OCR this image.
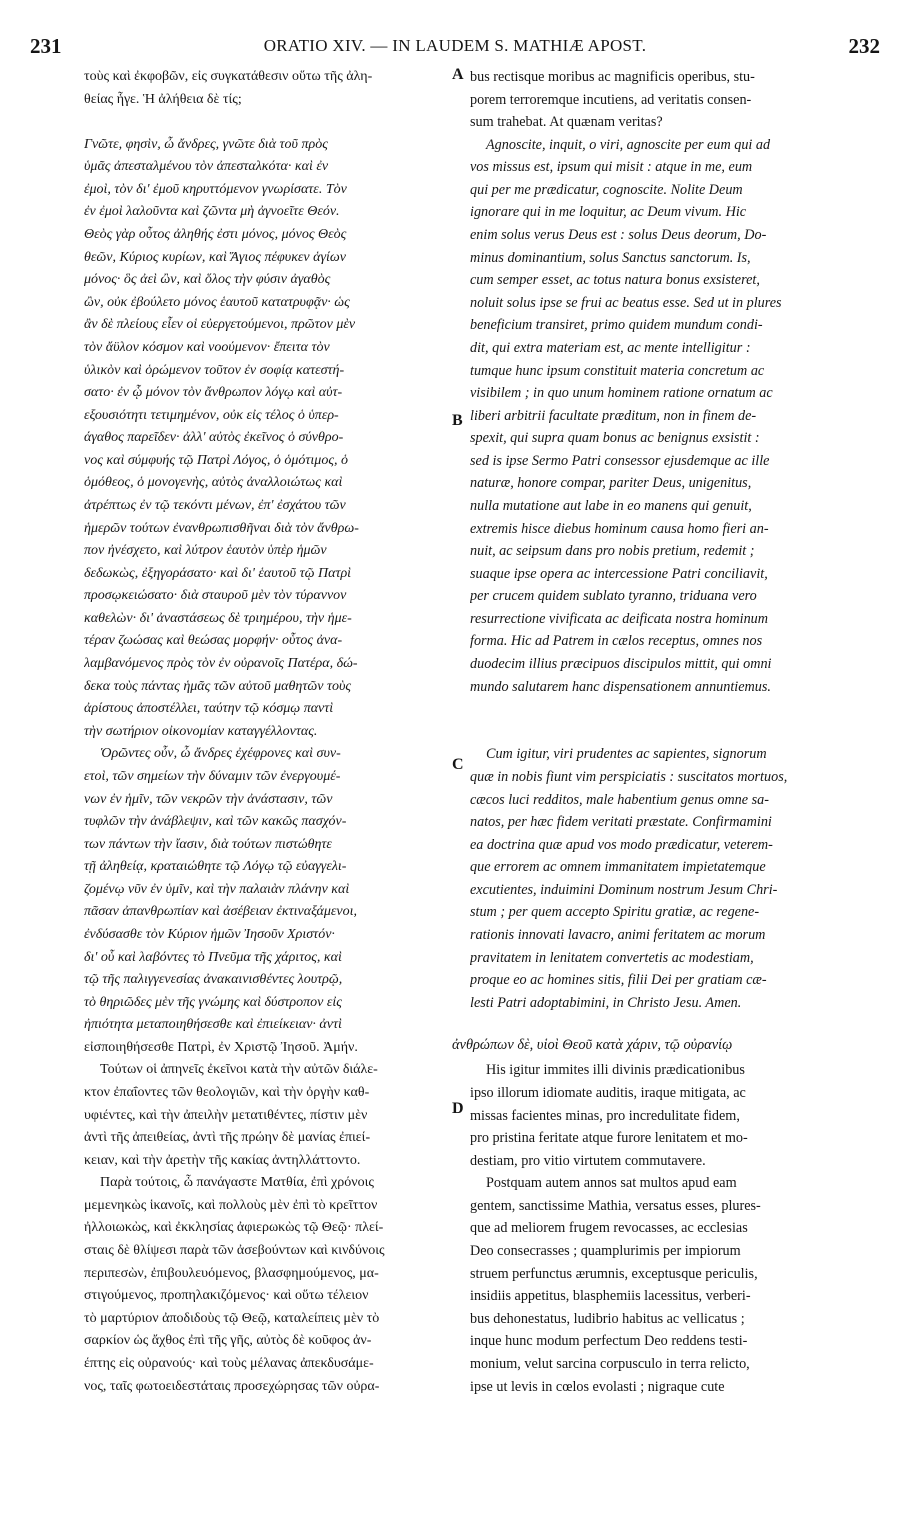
231	ORATIO XIV. — IN LAUDEM S. MATHIÆ APOST.	232
A
B
C
D
τοὺς καὶ ἐκφοβῶν, εἰς συγκατάθεσιν οὕτω τῆς ἀλη-
θείας ἦγε. Ἡ ἀλήθεια δὲ τίς;
Γνῶτε, φησὶν, ὦ ἄνδρες, γνῶτε διὰ τοῦ πρὸς
ὑμᾶς ἀπεσταλμένου τὸν ἀπεσταλκότα· καὶ ἐν
ἐμοὶ, τὸν δι' ἐμοῦ κηρυττόμενον γνωρίσατε. Τὸν
ἐν ἐμοὶ λαλοῦντα καὶ ζῶντα μὴ ἀγνοεῖτε Θεόν.
Θεὸς γὰρ οὗτος ἀληθής ἐστι μόνος, μόνος Θεὸς
θεῶν, Κύριος κυρίων, καὶ Ἅγιος πέφυκεν ἁγίων
μόνος· ὃς ἀεὶ ὢν, καὶ ὅλος τὴν φύσιν ἀγαθὸς
ὢν, οὐκ ἐβούλετο μόνος ἑαυτοῦ κατατρυφᾷν· ὡς
ἂν δὲ πλείους εἶεν οἱ εὐεργετούμενοι, πρῶτον μὲν
τὸν ἄϋλον κόσμον καὶ νοούμενον· ἔπειτα τὸν
ὑλικὸν καὶ ὁρώμενον τοῦτον ἐν σοφίᾳ κατεστή-
σατο· ἐν ᾧ μόνον τὸν ἄνθρωπον λόγῳ καὶ αὐτ-
εξουσιότητι τετιμημένον, οὐκ εἰς τέλος ὁ ὑπερ-
άγαθος παρεῖδεν· ἀλλ' αὐτὸς ἐκεῖνος ὁ σύνθρο-
νος καὶ σύμφυής τῷ Πατρὶ Λόγος, ὁ ὁμότιμος, ὁ
ὁμόθεος, ὁ μονογενὴς, αὐτὸς ἀναλλοιώτως καὶ
ἀτρέπτως ἐν τῷ τεκόντι μένων, ἐπ' ἐσχάτου τῶν
ἡμερῶν τούτων ἐνανθρωπισθῆναι διὰ τὸν ἄνθρω-
πον ἠνέσχετο, καὶ λύτρον ἑαυτὸν ὑπὲρ ἡμῶν
δεδωκὼς, ἐξηγοράσατο· καὶ δι' ἑαυτοῦ τῷ Πατρὶ
προσῳκειώσατο· διὰ σταυροῦ μὲν τὸν τύραννον
καθελὼν· δι' ἀναστάσεως δὲ τριημέρου, τὴν ἡμε-
τέραν ζωώσας καὶ θεώσας μορφήν· οὗτος ἀνα-
λαμβανόμενος πρὸς τὸν ἐν οὐρανοῖς Πατέρα, δώ-
δεκα τοὺς πάντας ἡμᾶς τῶν αὐτοῦ μαθητῶν τοὺς
ἀρίστους ἀποστέλλει, ταύτην τῷ κόσμῳ παντὶ
τὴν σωτήριον οἰκονομίαν καταγγέλλοντας.
Ὁρῶντες οὖν, ὦ ἄνδρες ἐχέφρονες καὶ συν-
ετοὶ, τῶν σημείων τὴν δύναμιν τῶν ἐνεργουμέ-
νων ἐν ἡμῖν, τῶν νεκρῶν τὴν ἀνάστασιν, τῶν
τυφλῶν τὴν ἀνάβλεψιν, καὶ τῶν κακῶς πασχόν-
των πάντων τὴν ἴασιν, διὰ τούτων πιστώθητε
τῇ ἀληθείᾳ, κραταιώθητε τῷ Λόγῳ τῷ εὐαγγελι-
ζομένῳ νῦν ἐν ὑμῖν, καὶ τὴν παλαιὰν πλάνην καὶ
πᾶσαν ἀπανθρωπίαν καὶ ἀσέβειαν ἐκτιναξάμενοι,
ἐνδύσασθε τὸν Κύριον ἡμῶν Ἰησοῦν Χριστόν·
δι' οὗ καὶ λαβόντες τὸ Πνεῦμα τῆς χάριτος, καὶ
τῷ τῆς παλιγγενεσίας ἀνακαινισθέντες λουτρῷ,
τὸ θηριῶδες μὲν τῆς γνώμης καὶ δύστροπον εἰς
ἠπιότητα μεταποιηθήσεσθε καὶ ἐπιείκειαν· ἀντὶ
εἰσποιηθήσεσθε Πατρὶ, ἐν Χριστῷ Ἰησοῦ. Ἀμήν.
Τούτων οἱ ἀπηνεῖς ἐκεῖνοι κατὰ τὴν αὐτῶν διάλε-
κτον ἐπαΐοντες τῶν θεολογιῶν, καὶ τὴν ὀργὴν καθ-
υφιέντες, καὶ τὴν ἀπειλὴν μετατιθέντες, πίστιν μὲν
ἀντὶ τῆς ἀπειθείας, ἀντὶ τῆς πρώην δὲ μανίας ἐπιεί-
κειαν, καὶ τὴν ἀρετὴν τῆς κακίας ἀντηλλάττοντο.
Παρὰ τούτοις, ὦ πανάγαστε Ματθία, ἐπὶ χρόνοις
μεμενηκὼς ἱκανοῖς, καὶ πολλοὺς μὲν ἐπὶ τὸ κρεῖττον
ἠλλοιωκὼς, καὶ ἐκκλησίας ἀφιερωκὼς τῷ Θεῷ· πλεί-
σταις δὲ θλίψεσι παρὰ τῶν ἀσεβούντων καὶ κινδύνοις
περιπεσὼν, ἐπιβουλευόμενος, βλασφημούμενος, μα-
στιγούμενος, προπηλακιζόμενος· καὶ οὕτω τέλειον
τὸ μαρτύριον ἀποδιδοὺς τῷ Θεῷ, καταλείπεις μὲν τὸ
σαρκίον ὡς ἄχθος ἐπὶ τῆς γῆς, αὐτὸς δὲ κοῦφος ἀν-
έπτης εἰς οὐρανούς· καὶ τοὺς μέλανας ἀπεκδυσάμε-
νος, ταῖς φωτοειδεστάταις προσεχώρησας τῶν οὐρα-
bus rectisque moribus ac magnificis operibus, stu-
porem terroremque incutiens, ad veritatis consen-
sum trahebat. At quænam veritas?
Agnoscite, inquit, o viri, agnoscite per eum qui ad
vos missus est, ipsum qui misit : atque in me, eum
qui per me prædicatur, cognoscite. Nolite Deum
ignorare qui in me loquitur, ac Deum vivum. Hic
enim solus verus Deus est : solus Deus deorum, Do-
minus dominantium, solus Sanctus sanctorum. Is,
cum semper esset, ac totus natura bonus exsisteret,
noluit solus ipse se frui ac beatus esse. Sed ut in plures
beneficium transiret, primo quidem mundum condi-
dit, qui extra materiam est, ac mente intelligitur :
tumque hunc ipsum constituit materia concretum ac
visibilem ; in quo unum hominem ratione ornatum ac
liberi arbitrii facultate præditum, non in finem de-
spexit, qui supra quam bonus ac benignus exsistit :
sed is ipse Sermo Patri consessor ejusdemque ac ille
naturæ, honore compar, pariter Deus, unigenitus,
nulla mutatione aut labe in eo manens qui genuit,
extremis hisce diebus hominum causa homo fieri an-
nuit, ac seipsum dans pro nobis pretium, redemit ;
suaque ipse opera ac intercessione Patri conciliavit,
per crucem quidem sublato tyranno, triduana vero
resurrectione vivificata ac deificata nostra hominum
forma. Hic ad Patrem in cælos receptus, omnes nos
duodecim illius præcipuos discipulos mittit, qui omni
mundo salutarem hanc dispensationem annuntiemus.
Cum igitur, viri prudentes ac sapientes, signorum
quæ in nobis fiunt vim perspiciatis : suscitatos mortuos,
cæcos luci redditos, male habentium genus omne sa-
natos, per hæc fidem veritati præstate. Confirmamini
ea doctrina quæ apud vos modo prædicatur, veterem-
que errorem ac omnem immanitatem impietatemque
excutientes, induimini Dominum nostrum Jesum Chri-
stum ; per quem accepto Spiritu gratiæ, ac regene-
rationis innovati lavacro, animi feritatem ac morum
pravitatem in lenitatem convertetis ac modestiam,
proque eo ac homines sitis, filii Dei per gratiam cæ-
lesti Patri adoptabimini, in Christo Jesu. Amen.
His igitur immites illi divinis prædicationibus
ipso illorum idiomate auditis, iraque mitigata, ac
missas facientes minas, pro incredulitate fidem,
pro pristina feritate atque furore lenitatem et mo-
destiam, pro vitio virtutem commutavere.
Postquam autem annos sat multos apud eam
gentem, sanctissime Mathia, versatus esses, plures-
que ad meliorem frugem revocasses, ac ecclesias
Deo consecrasses ; quamplurimis per impiorum
struem perfunctus ærumnis, exceptusque periculis,
insidiis appetitus, blasphemiis lacessitus, verberi-
bus dehonestatus, ludibrio habitus ac vellicatus ;
inque hunc modum perfectum Deo reddens testi-
monium, velut sarcina corpusculo in terra relicto,
ipse ut levis in cœlos evolasti ; nigraque cute
ἀνθρώπων δὲ, υἱοὶ Θεοῦ κατὰ χάριν, τῷ οὐρανίῳ
